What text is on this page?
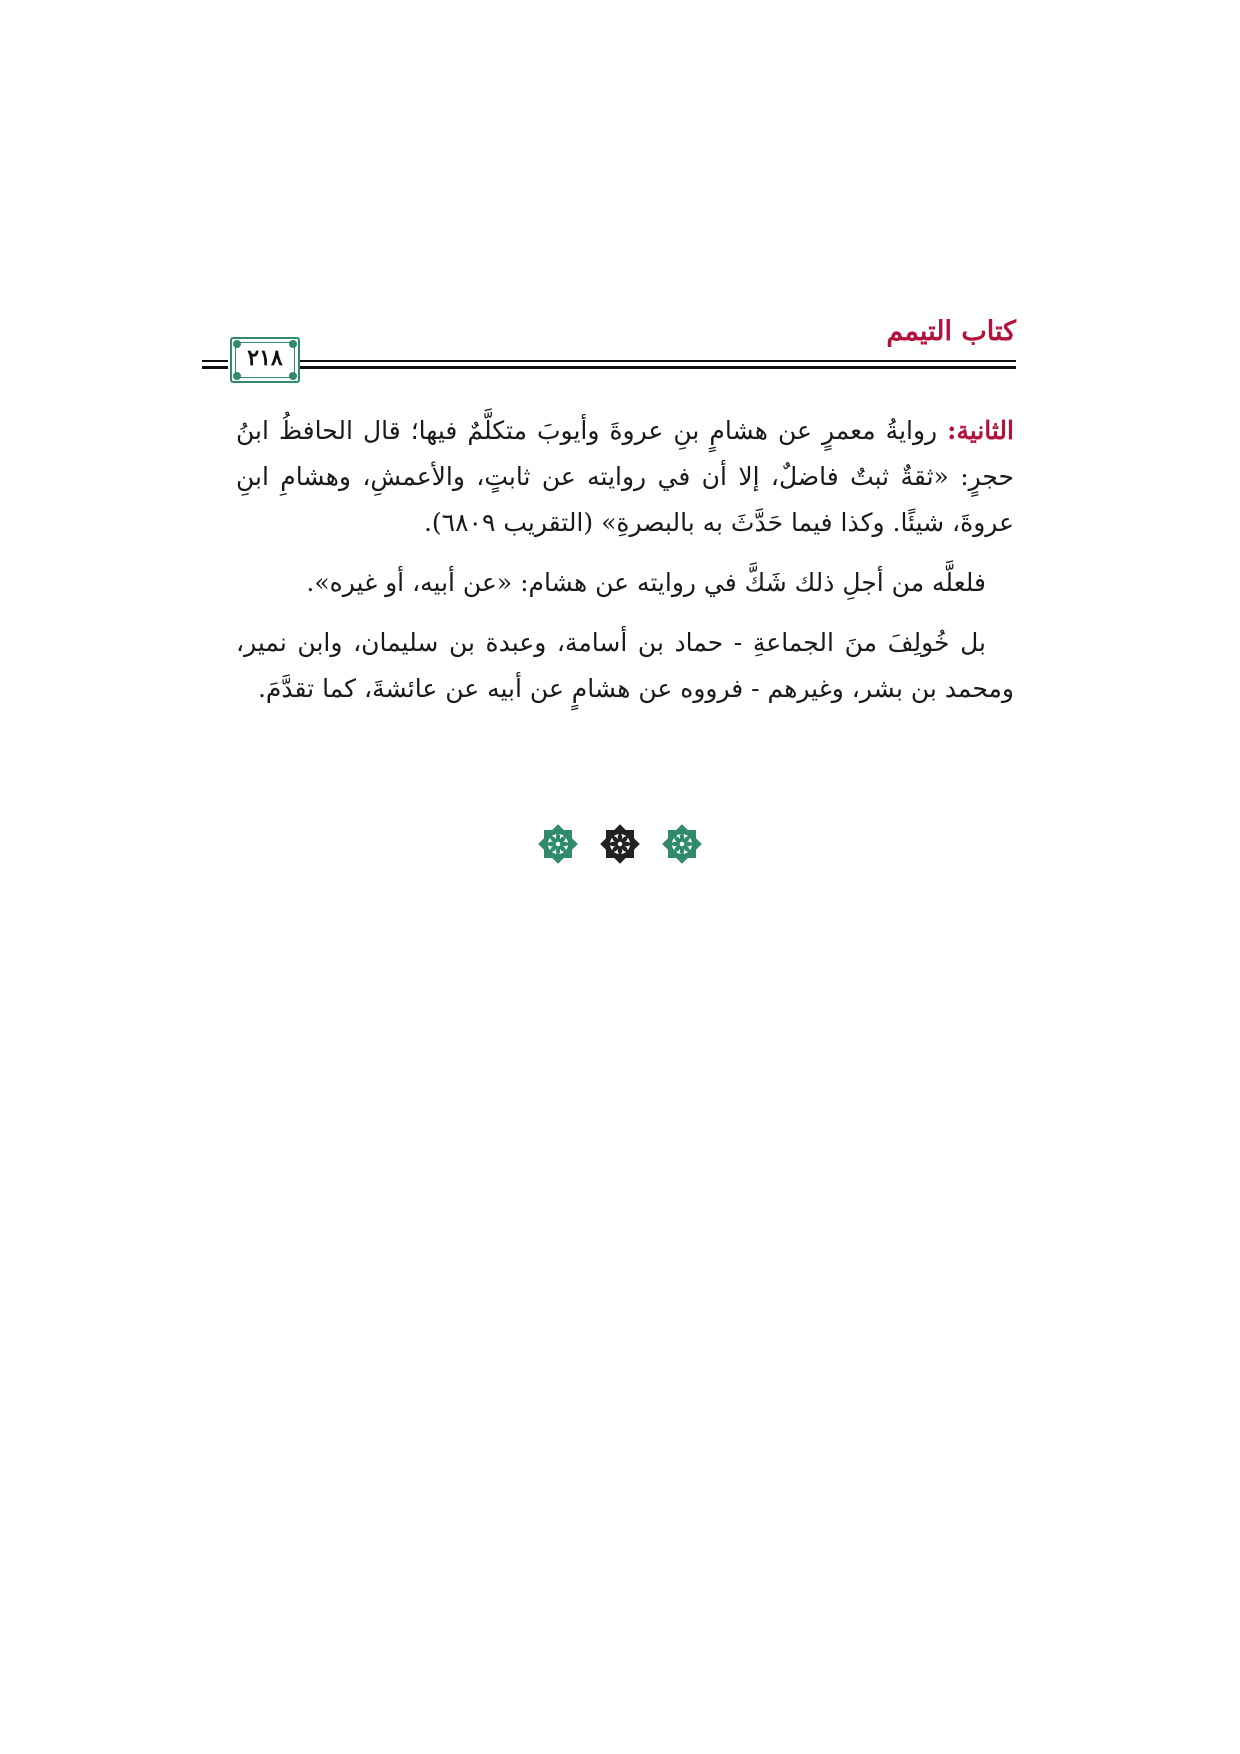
كتاب التيمم
٢١٨

الثانية: روايةُ معمرٍ عن هشامٍ بنِ عروةَ وأيوبَ متكلَّمٌ فيها؛ قال الحافظُ ابنُ حجرٍ: «ثقةٌ ثبتٌ فاضلٌ، إلا أن في روايته عن ثابتٍ، والأعمشِ، وهشامِ ابنِ عروةَ، شيئًا. وكذا فيما حَدَّثَ به بالبصرةِ» (التقريب ٦٨٠٩).

فلعلَّه من أجلِ ذلك شَكَّ في روايته عن هشام: «عن أبيه، أو غيره».

بل خُولِفَ منَ الجماعةِ - حماد بن أسامة، وعبدة بن سليمان، وابن نمير، ومحمد بن بشر، وغيرهم - فرووه عن هشامٍ عن أبيه عن عائشةَ، كما تقدَّمَ.
